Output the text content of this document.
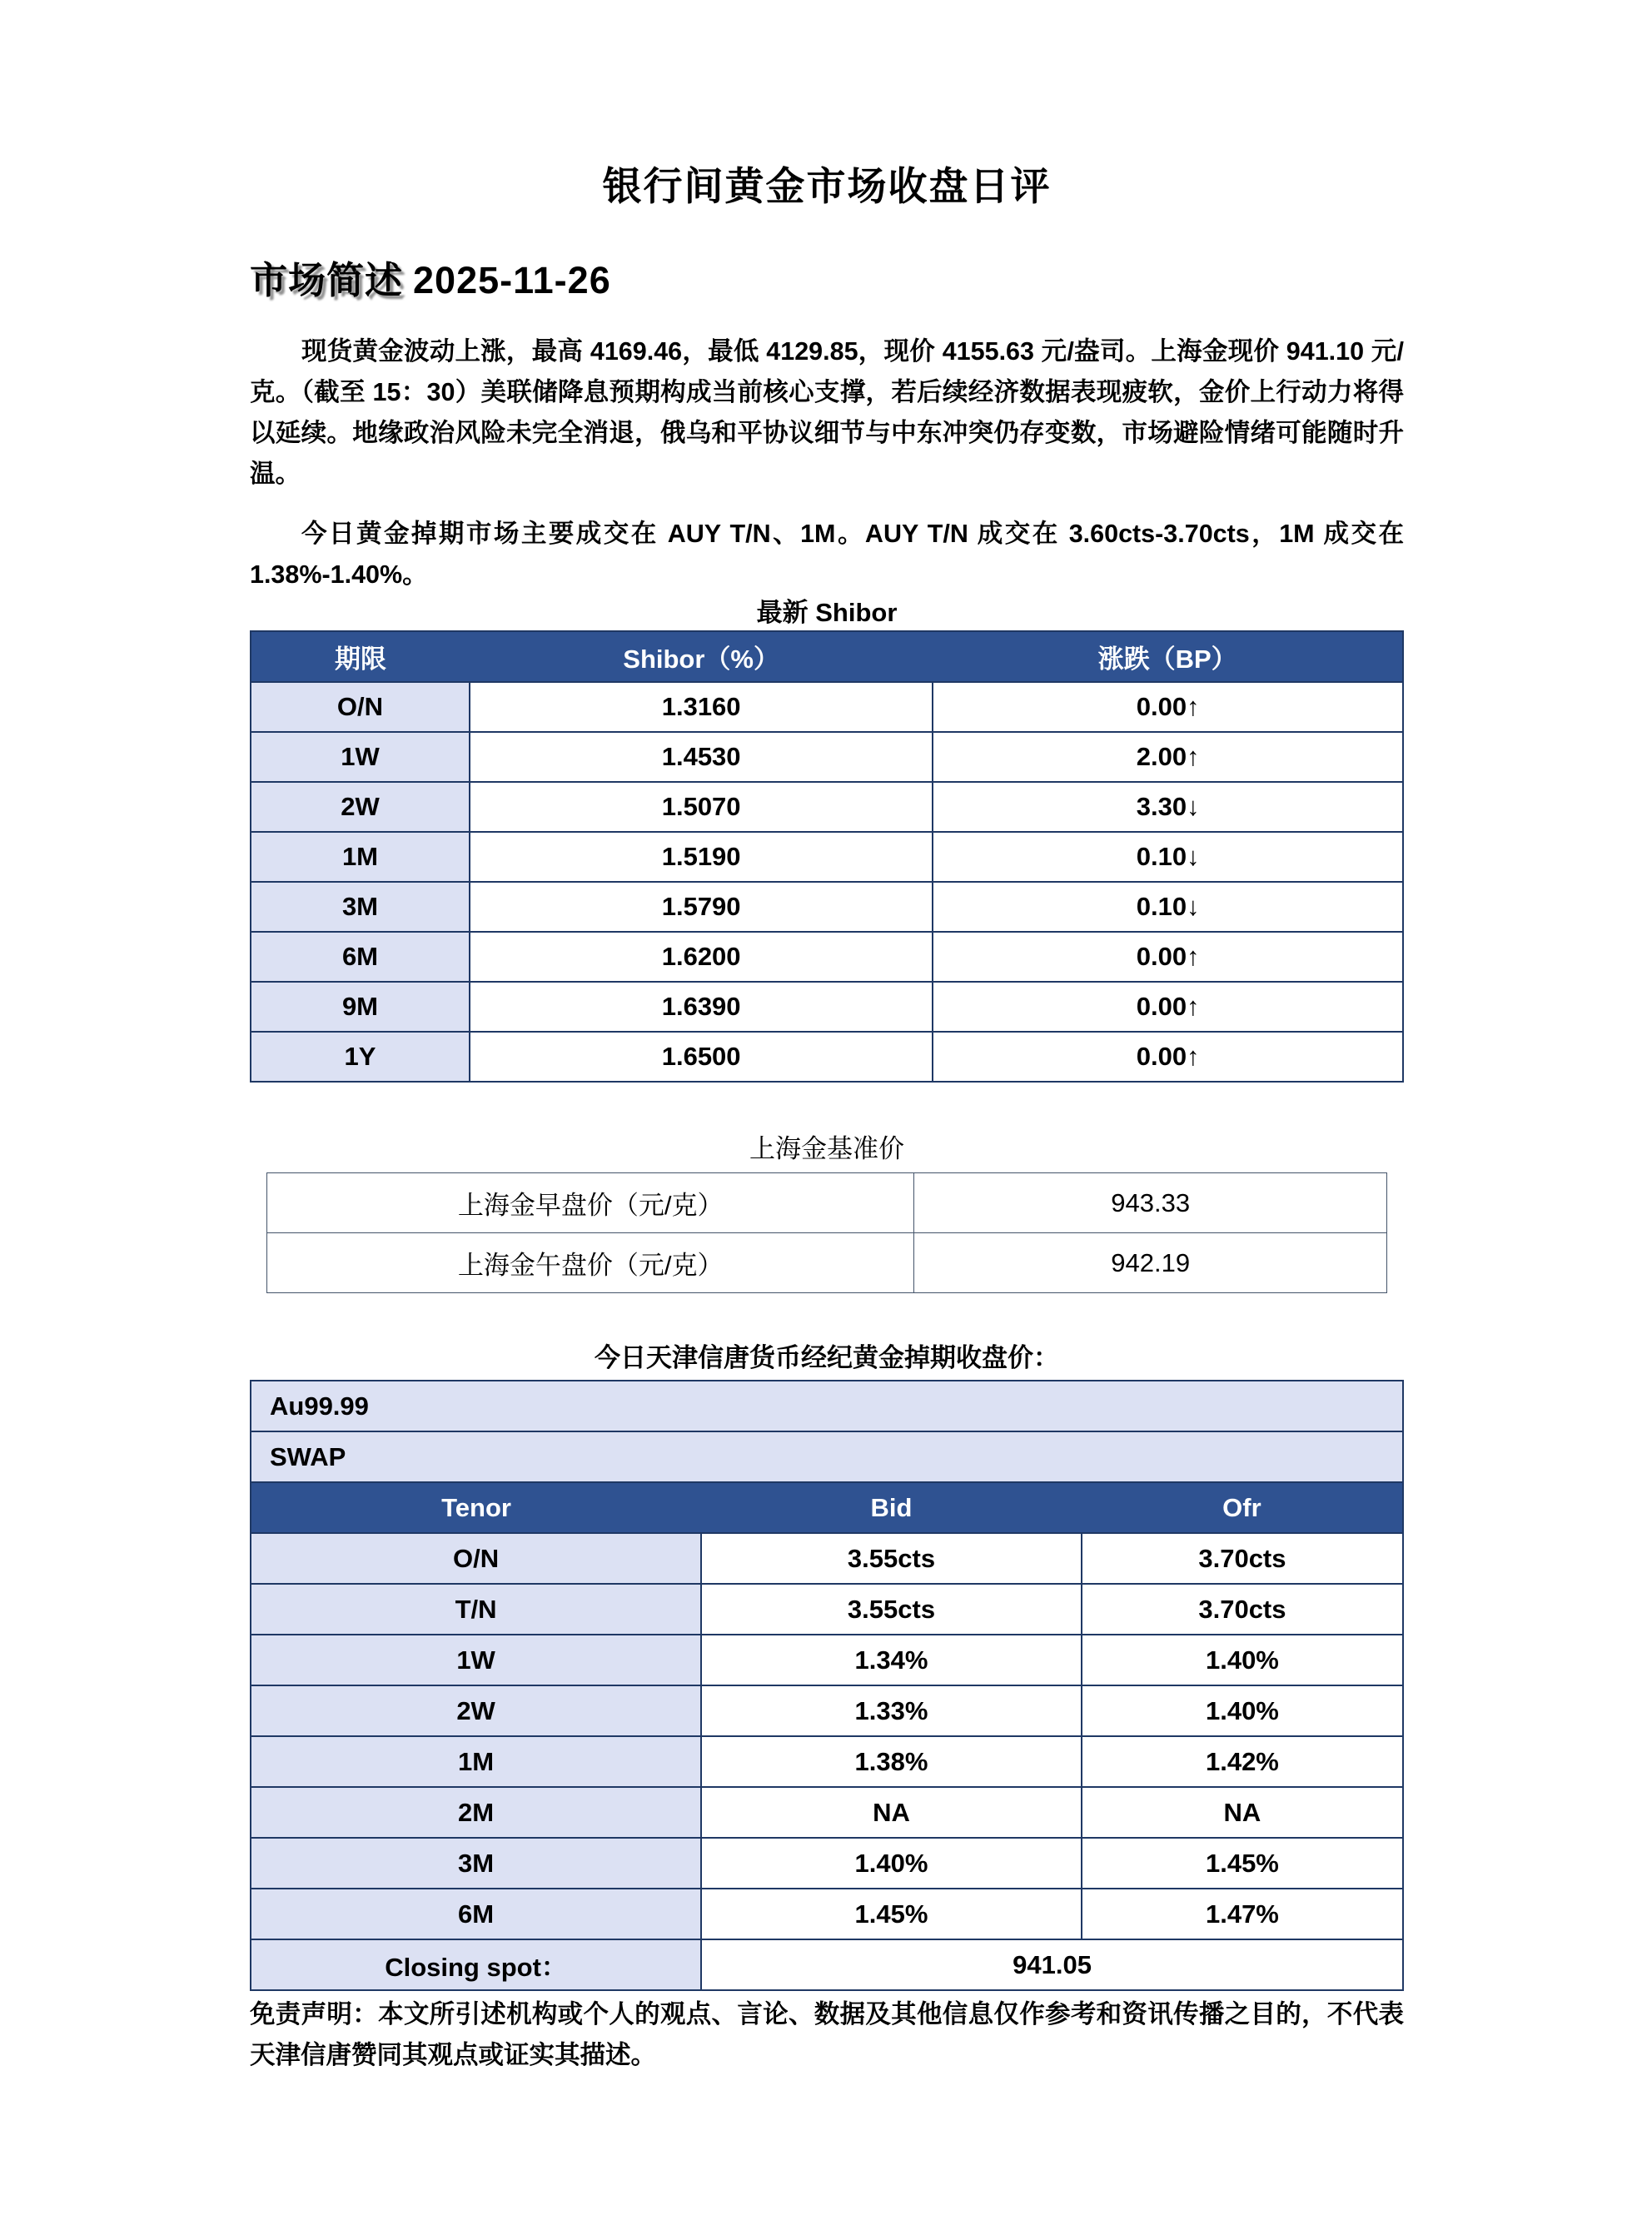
银行间黄金市场收盘日评
市场简述 2025-11-26

现货黄金波动上涨，最高 4169.46，最低 4129.85，现价 4155.63 元/盎司。上海金现价 941.10 元/克。（截至 15：30）美联储降息预期构成当前核心支撑，若后续经济数据表现疲软，金价上行动力将得以延续。地缘政治风险未完全消退，俄乌和平协议细节与中东冲突仍存变数，市场避险情绪可能随时升温。

今日黄金掉期市场主要成交在 AUY T/N、1M。AUY T/N 成交在 3.60cts-3.70cts，1M 成交在 1.38%-1.40%。

最新 Shibor
期限	Shibor（%）	涨跌（BP）
O/N	1.3160	0.00↑
1W	1.4530	2.00↑
2W	1.5070	3.30↓
1M	1.5190	0.10↓
3M	1.5790	0.10↓
6M	1.6200	0.00↑
9M	1.6390	0.00↑
1Y	1.6500	0.00↑
上海金基准价
上海金早盘价（元/克）	943.33
上海金午盘价（元/克）	942.19
今日天津信唐货币经纪黄金掉期收盘价：
Au99.99		
SWAP		
Tenor	Bid	Ofr
O/N	3.55cts	3.70cts
T/N	3.55cts	3.70cts
1W	1.34%	1.40%
2W	1.33%	1.40%
1M	1.38%	1.42%
2M	NA	NA
3M	1.40%	1.45%
6M	1.45%	1.47%
Closing spot：	941.05	

免责声明：本文所引述机构或个人的观点、言论、数据及其他信息仅作参考和资讯传播之目的，不代表天津信唐赞同其观点或证实其描述。
